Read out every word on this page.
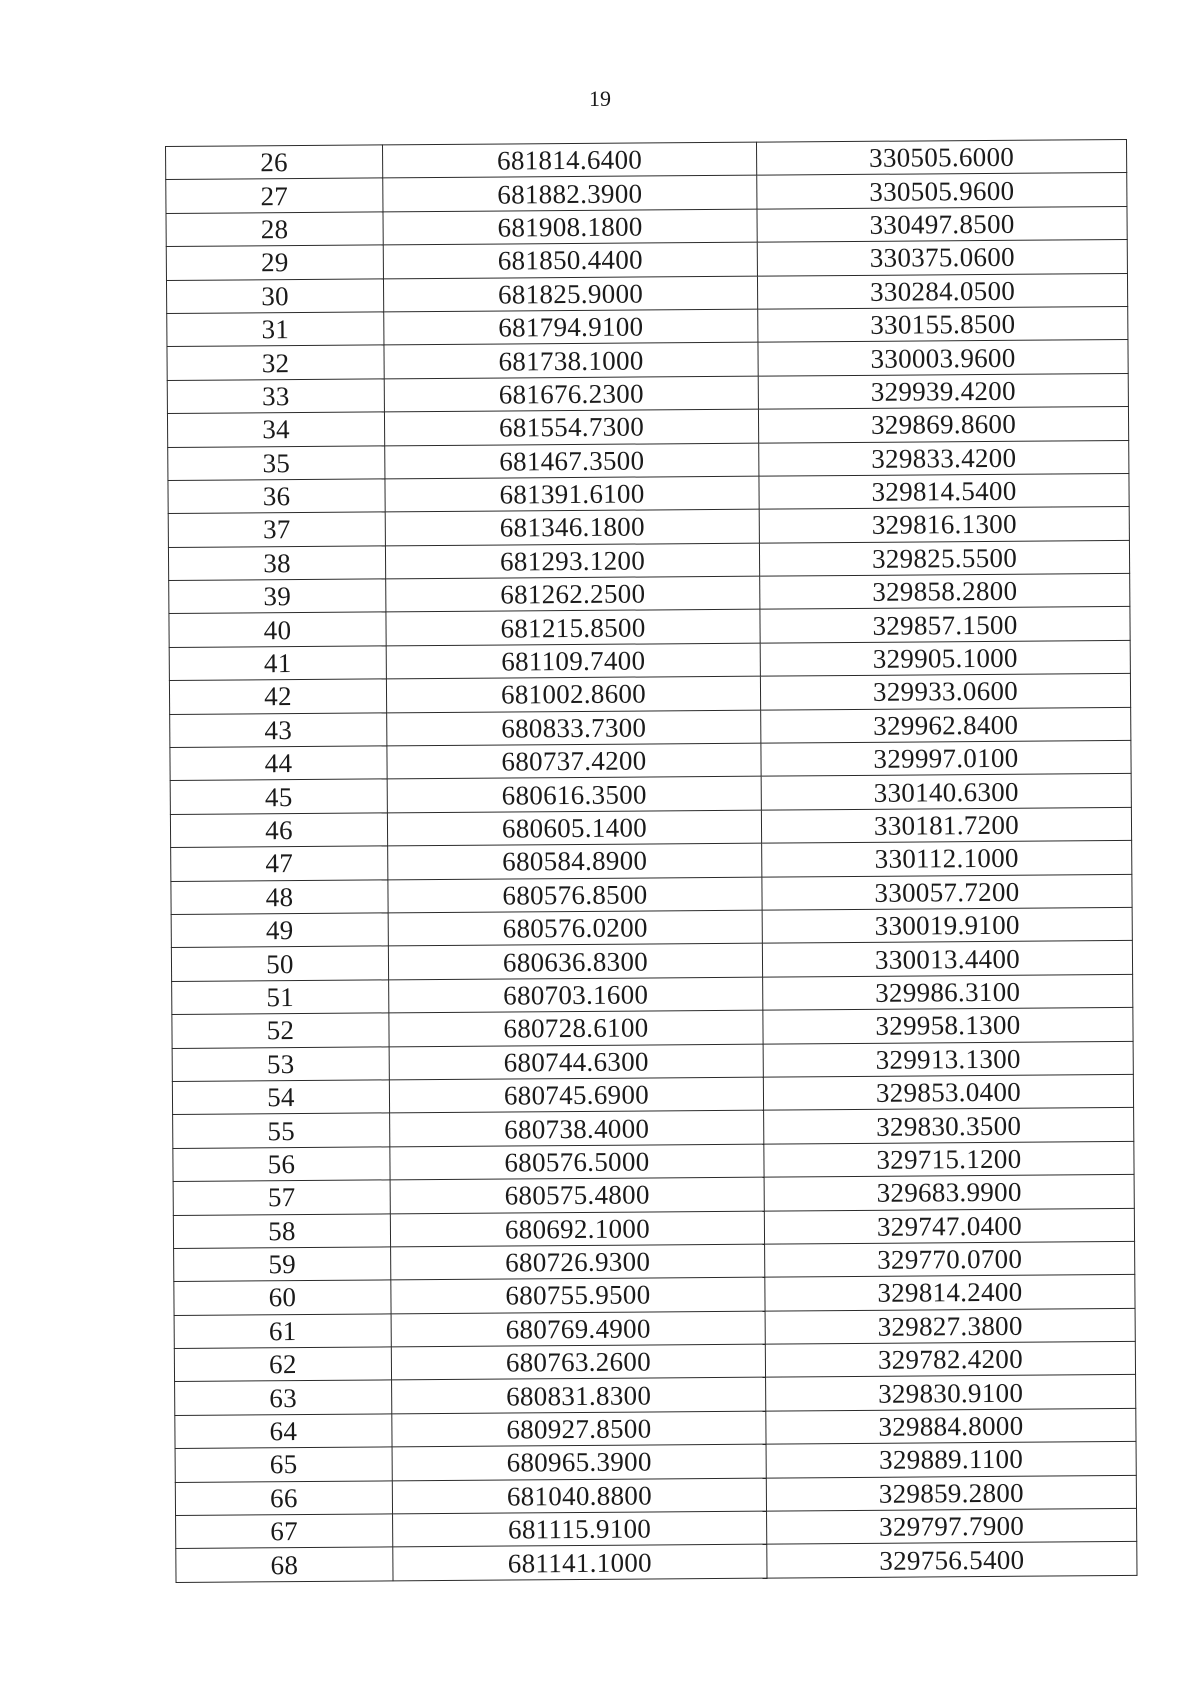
19
26	681814.6400	330505.6000
27	681882.3900	330505.9600
28	681908.1800	330497.8500
29	681850.4400	330375.0600
30	681825.9000	330284.0500
31	681794.9100	330155.8500
32	681738.1000	330003.9600
33	681676.2300	329939.4200
34	681554.7300	329869.8600
35	681467.3500	329833.4200
36	681391.6100	329814.5400
37	681346.1800	329816.1300
38	681293.1200	329825.5500
39	681262.2500	329858.2800
40	681215.8500	329857.1500
41	681109.7400	329905.1000
42	681002.8600	329933.0600
43	680833.7300	329962.8400
44	680737.4200	329997.0100
45	680616.3500	330140.6300
46	680605.1400	330181.7200
47	680584.8900	330112.1000
48	680576.8500	330057.7200
49	680576.0200	330019.9100
50	680636.8300	330013.4400
51	680703.1600	329986.3100
52	680728.6100	329958.1300
53	680744.6300	329913.1300
54	680745.6900	329853.0400
55	680738.4000	329830.3500
56	680576.5000	329715.1200
57	680575.4800	329683.9900
58	680692.1000	329747.0400
59	680726.9300	329770.0700
60	680755.9500	329814.2400
61	680769.4900	329827.3800
62	680763.2600	329782.4200
63	680831.8300	329830.9100
64	680927.8500	329884.8000
65	680965.3900	329889.1100
66	681040.8800	329859.2800
67	681115.9100	329797.7900
68	681141.1000	329756.5400
